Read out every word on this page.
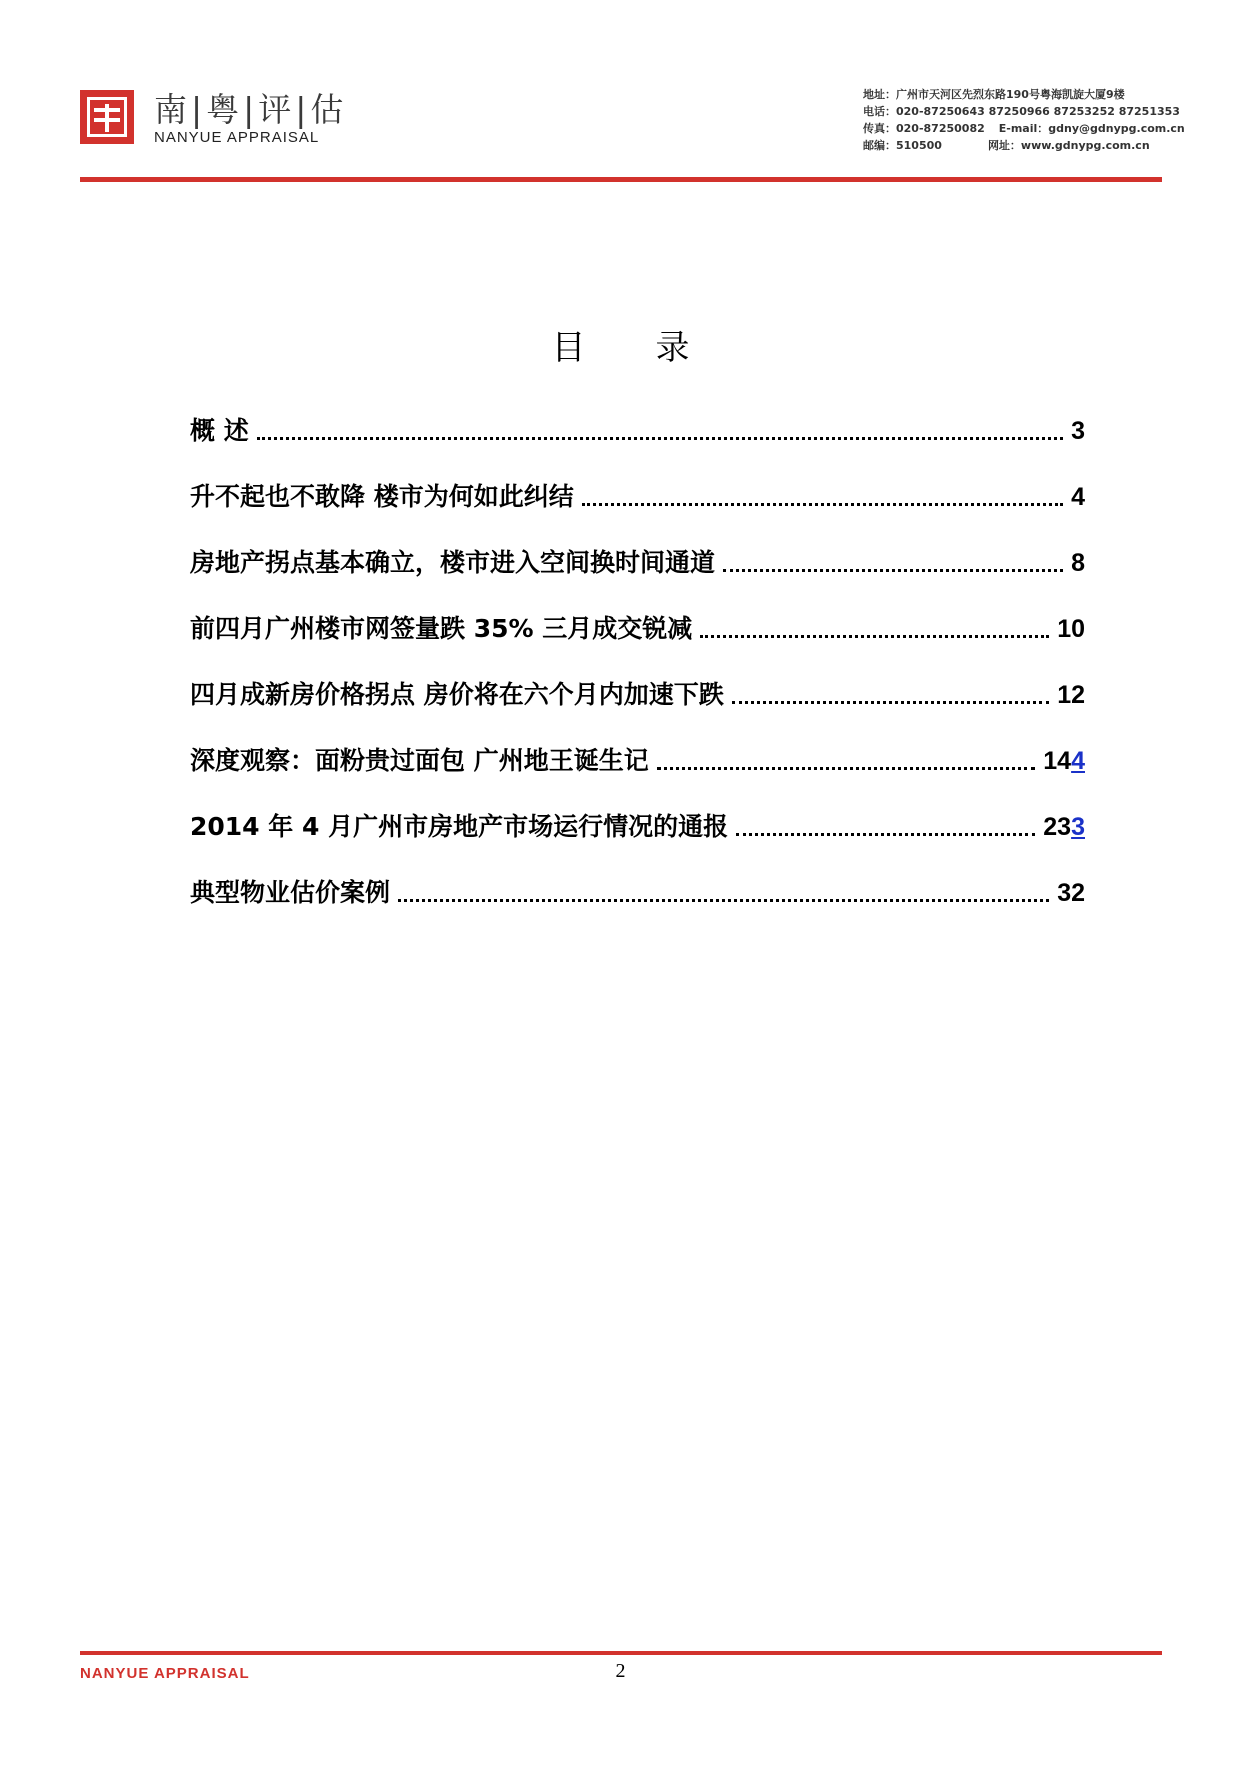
南|粤|评|估
NANYUE APPRAISAL
地址：广州市天河区先烈东路190号粤海凯旋大厦9楼
电话：020-87250643 87250966 87253252 87251353
传真：020-87250082 E-mail：gdny@gdnypg.com.cn
邮编：510500	网址：www.gdnypg.com.cn
目 录
概 述	3
升不起也不敢降 楼市为何如此纠结	4
房地产拐点基本确立，楼市进入空间换时间通道	8
前四月广州楼市网签量跌 35% 三月成交锐减	10
四月成新房价格拐点 房价将在六个月内加速下跌	12
深度观察：面粉贵过面包 广州地王诞生记	144
2014 年 4 月广州市房地产市场运行情况的通报	233
典型物业估价案例	32
NANYUE APPRAISAL	2
